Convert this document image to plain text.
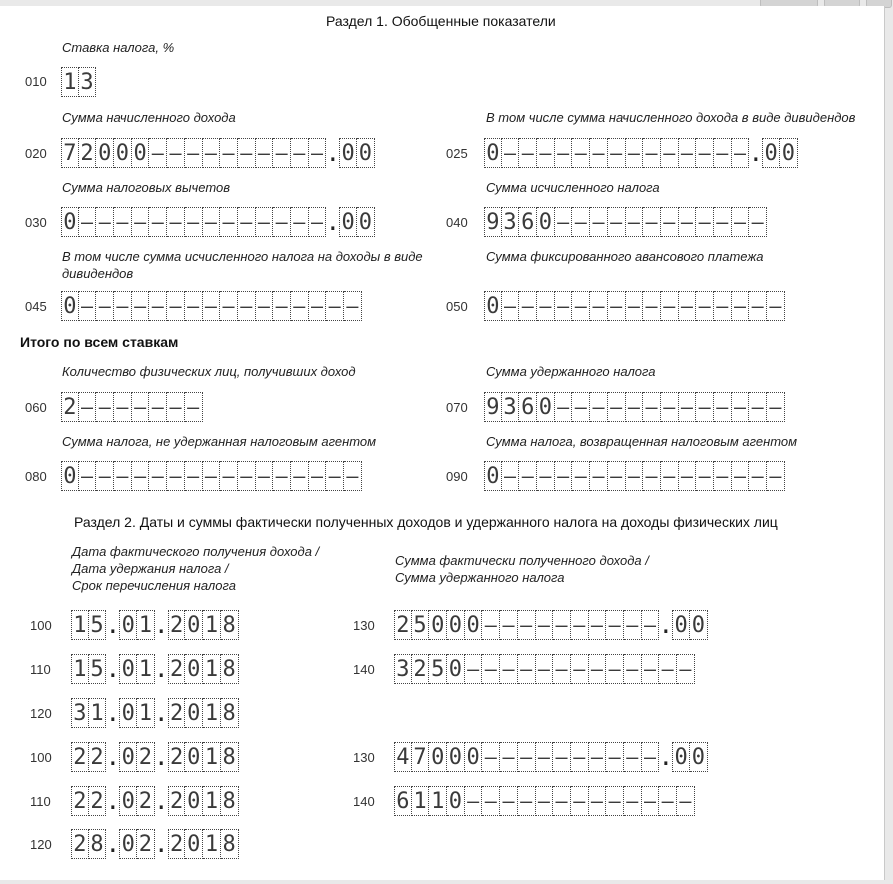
Раздел 1. Обобщенные показатели
Ставка налога, %
010 1 3
Сумма начисленного дохода
020 7 2 0 0 0 – – – – – – – – – – . 0 0
В том числе сумма начисленного дохода в виде дивидендов
025 0 – – – – – – – – – – – – – – . 0 0
Сумма налоговых вычетов
030 0 – – – – – – – – – – – – – – . 0 0
Сумма исчисленного налога
040 9 3 6 0 – – – – – – – – – – – –
В том числе сумма исчисленного налога на доходы в виде дивидендов
045 0 – – – – – – – – – – – – – – – –
Сумма фиксированного авансового платежа
050 0 – – – – – – – – – – – – – – – –
Итого по всем ставкам
Количество физических лиц, получивших доход
060 2 – – – – – – –
Сумма удержанного налога
070 9 3 6 0 – – – – – – – – – – – – –
Сумма налога, не удержанная налоговым агентом
080 0 – – – – – – – – – – – – – – – –
Сумма налога, возвращенная налоговым агентом
090 0 – – – – – – – – – – – – – – – –
Раздел 2. Даты и суммы фактически полученных доходов и удержанного налога на доходы физических лиц
Дата фактического получения дохода /
Дата удержания налога /
Срок перечисления налога
Сумма фактически полученного дохода /
Сумма удержанного налога
100 1 5 . 0 1 . 2 0 1 8	130 2 5 0 0 0 – – – – – – – – – – . 0 0
110 1 5 . 0 1 . 2 0 1 8	140 3 2 5 0 – – – – – – – – – – – – –
120 3 1 . 0 1 . 2 0 1 8
100 2 2 . 0 2 . 2 0 1 8	130 4 7 0 0 0 – – – – – – – – – – . 0 0
110 2 2 . 0 2 . 2 0 1 8	140 6 1 1 0 – – – – – – – – – – – – –
120 2 8 . 0 2 . 2 0 1 8
